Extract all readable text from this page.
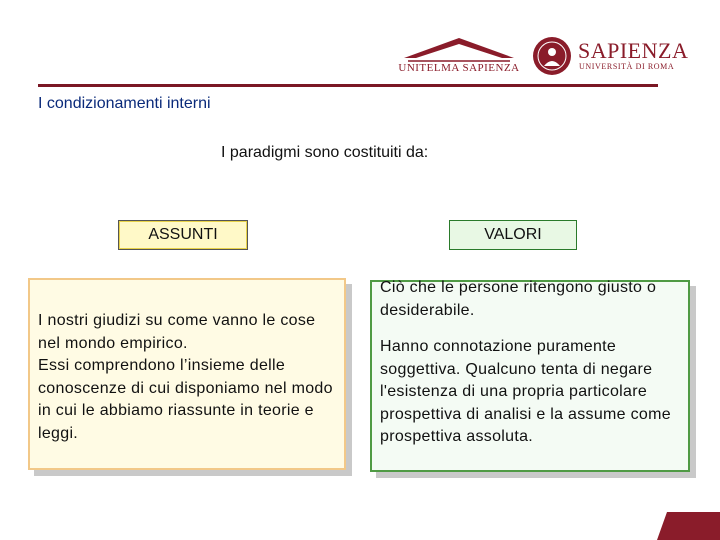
UNITELMA SAPIENZA
SAPIENZA
UNIVERSITÀ DI ROMA
I condizionamenti interni
I paradigmi sono costituiti da:
ASSUNTI	VALORI
I nostri giudizi su come vanno le cose nel mondo empirico.
Essi comprendono l’insieme delle conoscenze di cui disponiamo nel modo in cui le abbiamo riassunte in teorie e leggi.

Ciò che le persone ritengono giusto o desiderabile.

Hanno connotazione puramente soggettiva. Qualcuno tenta di negare l'esistenza di una propria particolare prospettiva di analisi e la assume come prospettiva assoluta.
